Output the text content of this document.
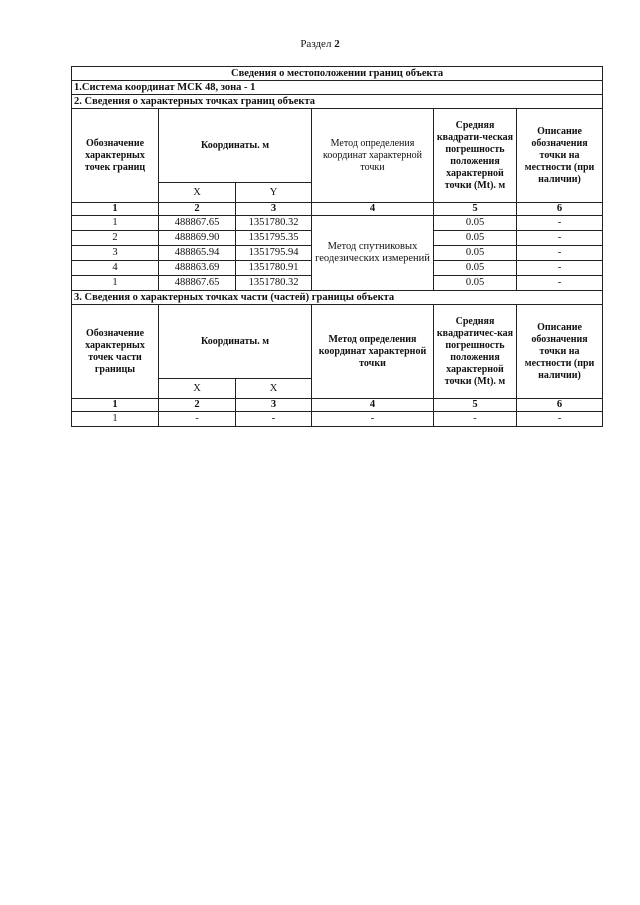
Раздел 2
Сведения о местоположении границ объекта					
1.Система координат МСК 48, зона - 1					
2. Сведения о характерных точках границ объекта					
Обозначение характерных точек границ	Координаты. м		Метод определения координат характерной точки	Средняя квадрати-ческая погрешность положения характерной точки (Mt). м	Описание обозначения точки на местности (при наличии)
	X	Y			
1	2	3	4	5	6
1	488867.65	1351780.32	Метод спутниковых геодезических измерений	0.05	-
2	488869.90	1351795.35		0.05	-
3	488865.94	1351795.94		0.05	-
4	488863.69	1351780.91		0.05	-
1	488867.65	1351780.32		0.05	-
3. Сведения о характерных точках части (частей) границы объекта					
Обозначение характерных точек части границы	Координаты. м		Метод определения координат характерной точки	Средняя квадратичес-кая погрешность положения характерной точки (Mt). м	Описание обозначения точки на местности (при наличии)
	X	X			
1	2	3	4	5	6
1	-	-	-	-	-
